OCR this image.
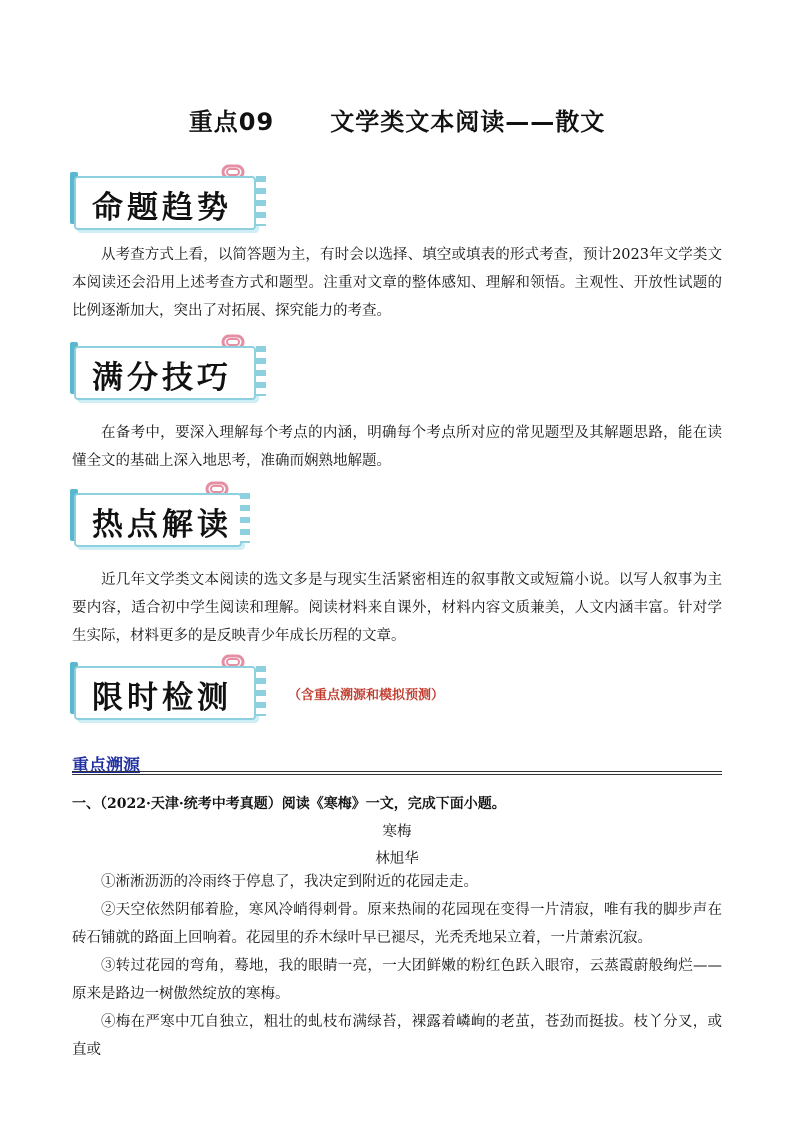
重点09 文学类文本阅读——散文
命题趋势

从考查方式上看，以简答题为主，有时会以选择、填空或填表的形式考查，预计2023年文学类文本阅读还会沿用上述考查方式和题型。注重对文章的整体感知、理解和领悟。主观性、开放性试题的比例逐渐加大，突出了对拓展、探究能力的考查。

满分技巧

在备考中，要深入理解每个考点的内涵，明确每个考点所对应的常见题型及其解题思路，能在读懂全文的基础上深入地思考，准确而娴熟地解题。

热点解读

近几年文学类文本阅读的选文多是与现实生活紧密相连的叙事散文或短篇小说。以写人叙事为主要内容，适合初中学生阅读和理解。阅读材料来自课外，材料内容文质兼美，人文内涵丰富。针对学生实际，材料更多的是反映青少年成长历程的文章。

限时检测	（含重点溯源和模拟预测）
重点溯源
一、（2022·天津·统考中考真题）阅读《寒梅》一文，完成下面小题。
寒梅
林旭华

①淅淅沥沥的冷雨终于停息了，我决定到附近的花园走走。

②天空依然阴郁着脸，寒风冷峭得刺骨。原来热闹的花园现在变得一片清寂，唯有我的脚步声在砖石铺就的路面上回响着。花园里的乔木绿叶早已褪尽，光秃秃地呆立着，一片萧索沉寂。

③转过花园的弯角，蓦地，我的眼睛一亮，一大团鲜嫩的粉红色跃入眼帘，云蒸霞蔚般绚烂——原来是路边一树傲然绽放的寒梅。

④梅在严寒中兀自独立，粗壮的虬枝布满绿苔，裸露着嶙峋的老茧，苍劲而挺拔。枝丫分叉，或直或
